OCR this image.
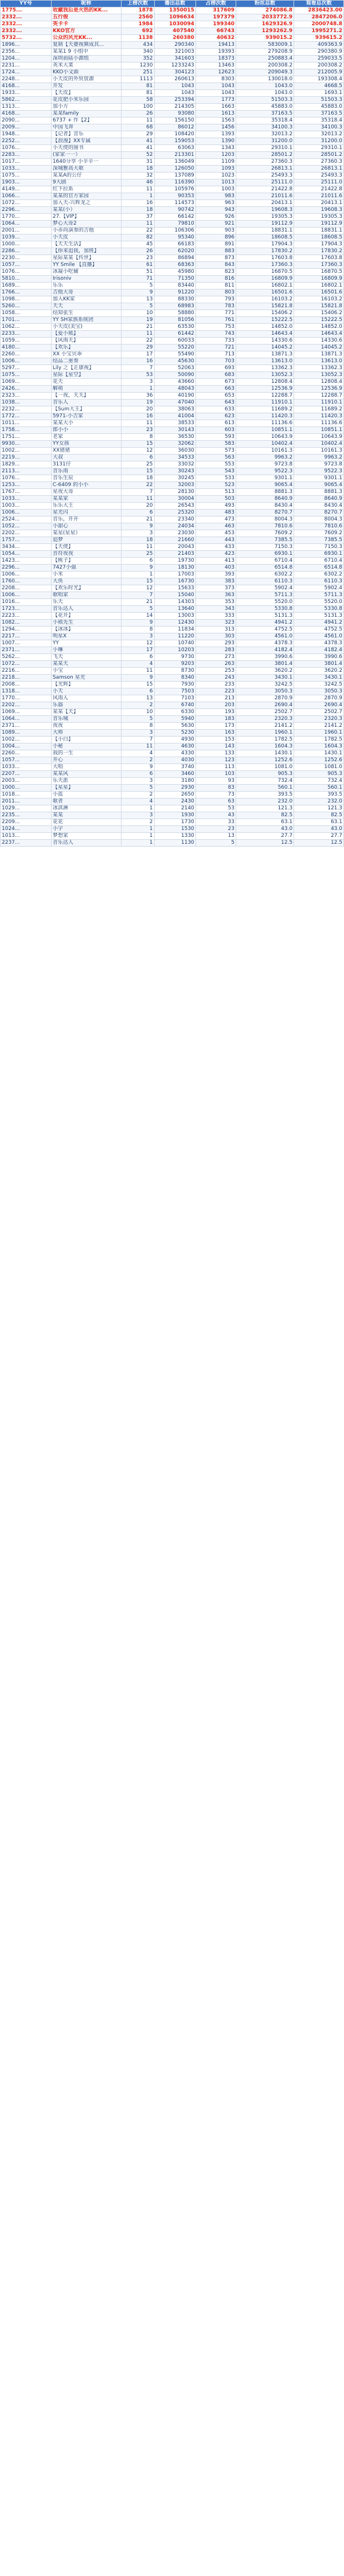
YY号	昵称	上榜次数	播出总数	占榜次数	粉丝总数	观看总次数
1775...	收藏我后是火热的KK...	1878	1350015	317609	274086.8	2836423.00
2332...	五行俊	2560	1096634	197379	2033772.9	2847206.0
2332...	英卡卡	1984	1030094	199340	1629326.9	2000748.8
2332...	KKO官方	692	407540	66743	1293262.9	1995271.2
5732...	公众的风光KK...	1138	260380	40632	939015.2	939615.2
1896...	复制【天婆视频成其...	434	290340	19413	583009.1	409363.9
2356...	某某1 9 小组中	340	321003	19393	279208.9	290380.9
1204...	深圳前陆小源组	352	341603	18373	250883.4	259033.5
2231...	英米大菜	1230	1233243	13463	200308.2	200308.2
1724...	KKO小文曲	251	304123	12623	209049.3	212005.9
2248...	小天皮的外贸资源	1113	260613	8303	130018.0	193308.4
4168...	开发	81	1043	1043	1043.0	4668.5
1933...	【天皮】	81	1043	1043	1043.0	1693.1
5862...	花皮肥小米乐园	58	253394	1773	51503.3	51503.3
1313...	加小方	100	214305	1663	45883.0	45883.0
4168...	某某family	26	93080	1613	37163.5	37163.5
2090...	6737 + 作【2】	11	156150	1563	35318.4	35318.4
2009...	中国飞奔	68	86012	1456	34100.3	34100.3
1948...	【记者】音乐	29	108420	1393	32013.2	32013.2
2252...	【浪漫】XX专属	41	159053	1390	31200.0	31200.0
1076...	小天使的图书	41	63063	1343	29310.1	29310.1
2283...	(家家一一）	52	213301	1203	28501.2	28501.2
1017...	1640分享 小辛辛一	31	136049	1109	27360.3	27360.3
1033...	深城雅高大歌	18	126050	1093	26813.1	26813.1
1075...	某某A的公仔	32	137089	1023	25493.3	25493.3
1903...	9大剧	46	116390	1013	25111.0	25111.0
4149...	红下拉系	11	105976	1003	21422.8	21422.8
1066...	某某的官方家园	1	90353	983	21011.6	21011.6
1072...	加入天-兴辉龙之	16	114573	963	20413.1	20413.1
2296...	某某(小）	18	90742	943	19608.3	19608.3
1770...	27.【VIP】	37	66142	926	19305.3	19305.3
1064...	梦心大哥2	11	79810	921	19112.9	19112.9
2001...	小赤尚演奏的吉他	22	106306	903	18831.1	18831.1
1039...	小天皮	82	95340	896	18608.5	18608.5
1000...	【天天生活】	45	66183	891	17904.3	17904.3
2286...	【你来追我，加班】	26	62020	883	17830.2	17830.2
2230...	星际某某【传世】	23	86894	873	17603.8	17603.8
1057...	YY Smile 【直播】	61	68363	843	17360.3	17360.3
1076...	冰凝小吃辅	51	45980	823	16870.5	16870.5
5810...	Irisoniv	71	71350	816	16809.9	16809.9
1689...	乐乐	5	83440	811	16802.1	16802.1
1766...	吉他大哥	9	91220	803	16501.6	16501.6
1098...	加入KK家	13	88330	793	16103.2	16103.2
5260...	天天	5	68983	783	15821.8	15821.8
1058...	结知张生	10	58880	771	15406.2	15406.2
1701...	YY SH家族系统团	19	81056	761	15222.5	15222.5
1062...	小天皮(美宝)	21	63530	753	14852.0	14852.0
2233...	【爱小熊】	11	61442	743	14643.4	14643.4
1059...	【风雨天】	22	60033	733	14330.6	14330.6
4180...	【欢乐】	29	55220	721	14045.2	14045.2
2260...	XX 小宝贝乖	17	55490	713	13871.3	13871.3
1006...	结品二重奏	16	45630	703	13613.0	13613.0
5297...	Lily 之【正康视】	7	52063	693	13362.3	13362.3
1075...	星际【星空】	53	50090	683	13052.3	13052.3
1069...	花天	3	43660	673	12808.4	12808.4
2426...	解萌	1	48043	663	12536.9	12536.9
2323...	【一夜，天天】	36	40190	653	12288.7	12288.7
1038...	音乐人	19	47040	643	11910.1	11910.1
2232...	【Sum大王】	20	38063	633	11689.2	11689.2
1772...	5971-小吉家	16	41004	623	11420.3	11420.3
1011...	某某大小	11	38533	613	11136.6	11136.6
1758...	郎小小	23	30143	603	10851.1	10851.1
1751...	老家	8	36530	593	10643.9	10643.9
9930...	YY女孩	15	32062	583	10402.4	10402.4
1002...	XX猪猪	12	36030	573	10161.3	10161.3
2219...	大叔	6	34533	563	9963.2	9963.2
1829...	3131仔	25	33032	553	9723.8	9723.8
2113...	音乐雨	15	30243	543	9522.3	9522.3
1076...	音乐生辰	18	30245	533	9301.1	9301.1
1253...	C-6409 的小小	22	32003	523	9065.4	9065.4
1767...	星夜大哥	7	28130	513	8881.3	8881.3
1033...	某某家	11	30004	503	8640.9	8640.9
1003...	乐乐大王	20	26543	493	8430.4	8430.4
1006...	星光闪	6	25320	483	8270.7	8270.7
2524...	音乐，开开	21	23340	473	8004.3	8004.3
1052...	小甜心	9	24034	463	7810.6	7810.6
2202...	某星(星星）	3	23030	453	7609.2	7609.2
1757...	追梦	18	21660	443	7385.5	7385.5
3434...	【天使】	11	20043	433	7150.3	7150.3
1054...	音符夜夜	25	21403	423	6930.1	6930.1
1423...	【桃子】	6	19730	413	6710.4	6710.4
2296...	7427小强	9	18130	403	6514.8	6514.8
1006...	小米	1	17003	393	6302.2	6302.2
1760...	大鱼	15	16730	383	6110.3	6110.3
2208...	【欢乐时光】	12	15633	373	5902.4	5902.4
1006...	歌唱家	7	15040	363	5711.3	5711.3
1016...	乐天	21	14303	353	5520.0	5520.0
1723...	音乐达人	5	13640	343	5330.8	5330.8
2223...	【花开】	14	13003	333	5131.3	5131.3
1082...	小熊先生	9	12430	323	4941.2	4941.2
1294...	【冰冰】	8	11834	313	4752.5	4752.5
2217...	明星X	3	11220	303	4561.0	4561.0
1007...	YY	12	10740	293	4378.3	4378.3
2371...	小琳	17	10203	283	4182.4	4182.4
5262...	飞天	6	9730	273	3990.6	3990.6
1072...	某某天	4	9203	263	3801.4	3801.4
2216...	小宝	11	8730	253	3620.2	3620.2
2218...	Samson 星光	9	8340	243	3430.1	3430.1
2008...	【光辉】	15	7930	233	3242.5	3242.5
1318...	小天	6	7503	223	3050.3	3050.3
1770...	风雨人	13	7103	213	2870.9	2870.9
2202...	乐器	2	6740	203	2690.4	2690.4
1069...	某某【天】	10	6330	193	2502.7	2502.7
1064...	音乐城	5	5940	183	2320.3	2320.3
2371...	夜夜	8	5630	173	2141.2	2141.2
1089...	大师	3	5230	163	1960.1	1960.1
1002...	【小白】	7	4930	153	1782.5	1782.5
1004...	小秘	11	4630	143	1604.3	1604.3
2260...	我的一生	4	4330	133	1430.1	1430.1
1057...	开心	2	4030	123	1252.6	1252.6
1033...	大唱	9	3740	113	1081.0	1081.0
2207...	某某风	6	3460	103	905.3	905.3
2003...	乐天派	3	3180	93	732.4	732.4
1000...	【星星】	5	2930	83	560.1	560.1
1018...	小蓝	2	2650	73	393.5	393.5
2011...	歌者	4	2430	63	232.0	232.0
1029...	冰淇淋	1	2140	53	121.3	121.3
2235...	某某	3	1930	43	82.5	82.5
2209...	花花	2	1730	33	63.1	63.1
1024...	小宇	1	1530	23	43.0	43.0
1013...	梦想家	1	1330	13	27.7	27.7
2237...	音乐达人	1	1130	5	12.5	12.5
